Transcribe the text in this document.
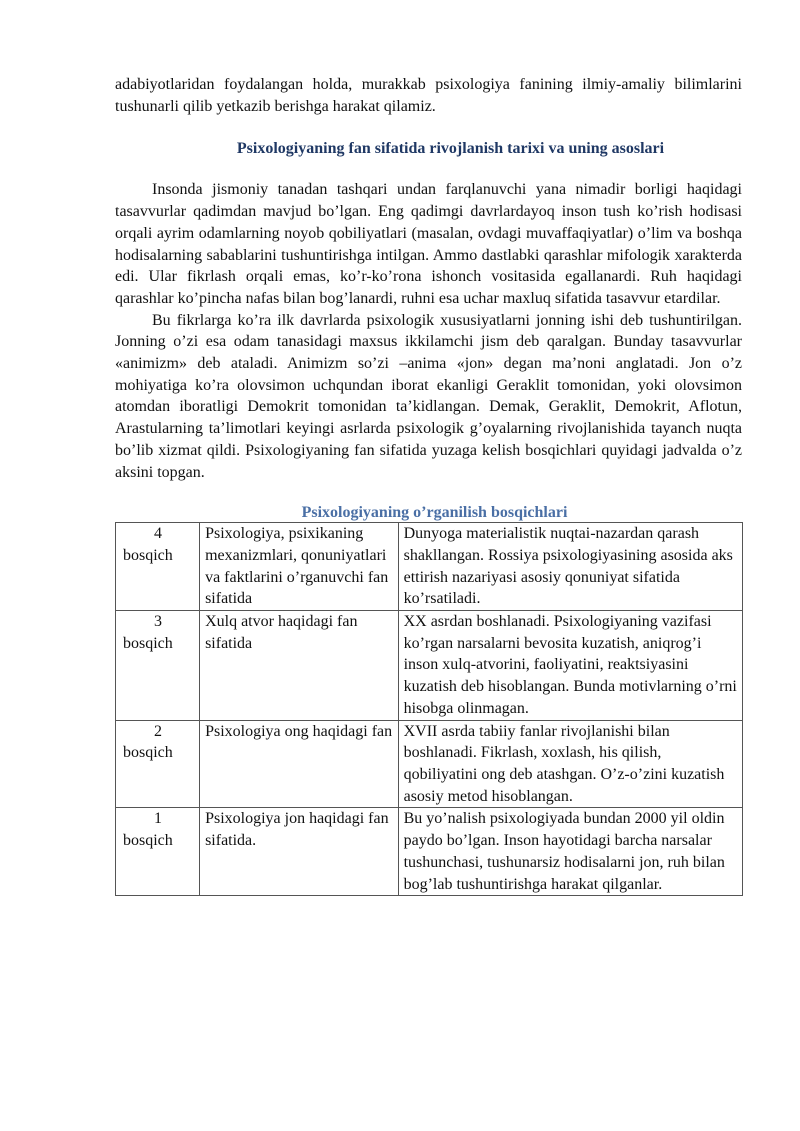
adabiyotlaridan foydalangan holda, murakkab psixologiya fanining ilmiy-amaliy bilimlarini tushunarli qilib yetkazib berishga harakat qilamiz.

Psixologiyaning fan sifatida rivojlanish tarixi va uning asoslari

Insonda jismoniy tanadan tashqari undan farqlanuvchi yana nimadir borligi haqidagi tasavvurlar qadimdan mavjud bo’lgan. Eng qadimgi davrlardayoq inson tush ko’rish hodisasi orqali ayrim odamlarning noyob qobiliyatlari (masalan, ovdagi muvaffaqiyatlar) o’lim va boshqa hodisalarning sabablarini tushuntirishga intilgan. Ammo dastlabki qarashlar mifologik xarakterda edi. Ular fikrlash orqali emas, ko’r-ko’rona ishonch vositasida egallanardi. Ruh haqidagi qarashlar ko’pincha nafas bilan bog’lanardi, ruhni esa uchar maxluq sifatida tasavvur etardilar.

Bu fikrlarga ko’ra ilk davrlarda psixologik xususiyatlarni jonning ishi deb tushuntirilgan. Jonning o’zi esa odam tanasidagi maxsus ikkilamchi jism deb qaralgan. Bunday tasavvurlar «animizm» deb ataladi. Animizm so’zi –anima «jon» degan ma’noni anglatadi. Jon o’z mohiyatiga ko’ra olovsimon uchqundan iborat ekanligi Geraklit tomonidan, yoki olovsimon atomdan iboratligi Demokrit tomonidan ta’kidlangan. Demak, Geraklit, Demokrit, Aflotun, Arastularning ta’limotlari keyingi asrlarda psixologik g’oyalarning rivojlanishida tayanch nuqta bo’lib xizmat qildi. Psixologiyaning fan sifatida yuzaga kelish bosqichlari quyidagi jadvalda o’z aksini topgan.

Psixologiyaning o’rganilish bosqichlari
4
bosqich	Psixologiya, psixikaning mexanizmlari, qonuniyatlari va faktlarini o’rganuvchi fan sifatida	Dunyoga materialistik nuqtai-nazardan qarash shakllangan. Rossiya psixologiyasining asosida aks ettirish nazariyasi asosiy qonuniyat sifatida ko’rsatiladi.

3
bosqich	Xulq atvor haqidagi fan sifatida	XX asrdan boshlanadi. Psixologiyaning vazifasi ko’rgan narsalarni bevosita kuzatish, aniqrog’i inson xulq-atvorini, faoliyatini, reaktsiyasini kuzatish deb hisoblangan. Bunda motivlarning o’rni hisobga olinmagan.

2
bosqich	Psixologiya ong haqidagi fan	XVII asrda tabiiy fanlar rivojlanishi bilan boshlanadi. Fikrlash, xoxlash, his qilish, qobiliyatini ong deb atashgan. O’z-o’zini kuzatish asosiy metod hisoblangan.

1
bosqich	Psixologiya jon haqidagi fan sifatida.	Bu yo’nalish psixologiyada bundan 2000 yil oldin paydo bo’lgan. Inson hayotidagi barcha narsalar tushunchasi, tushunarsiz hodisalarni jon, ruh bilan bog’lab tushuntirishga harakat qilganlar.
